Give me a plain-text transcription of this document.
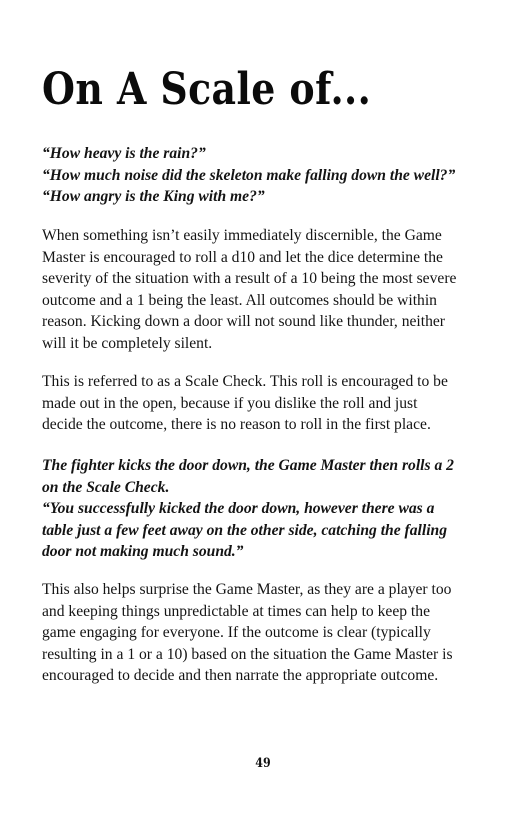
On A Scale of...

“How heavy is the rain?”
“How much noise did the skeleton make falling down the well?”
“How angry is the King with me?”

When something isn’t easily immediately discernible, the Game
Master is encouraged to roll a d10 and let the dice determine the
severity of the situation with a result of a 10 being the most severe
outcome and a 1 being the least. All outcomes should be within
reason. Kicking down a door will not sound like thunder, neither
will it be completely silent.

This is referred to as a Scale Check. This roll is encouraged to be
made out in the open, because if you dislike the roll and just
decide the outcome, there is no reason to roll in the first place.

The fighter kicks the door down, the Game Master then rolls a 2
on the Scale Check.
“You successfully kicked the door down, however there was a
table just a few feet away on the other side, catching the falling
door not making much sound.”

This also helps surprise the Game Master, as they are a player too
and keeping things unpredictable at times can help to keep the
game engaging for everyone. If the outcome is clear (typically
resulting in a 1 or a 10) based on the situation the Game Master is
encouraged to decide and then narrate the appropriate outcome.

49
